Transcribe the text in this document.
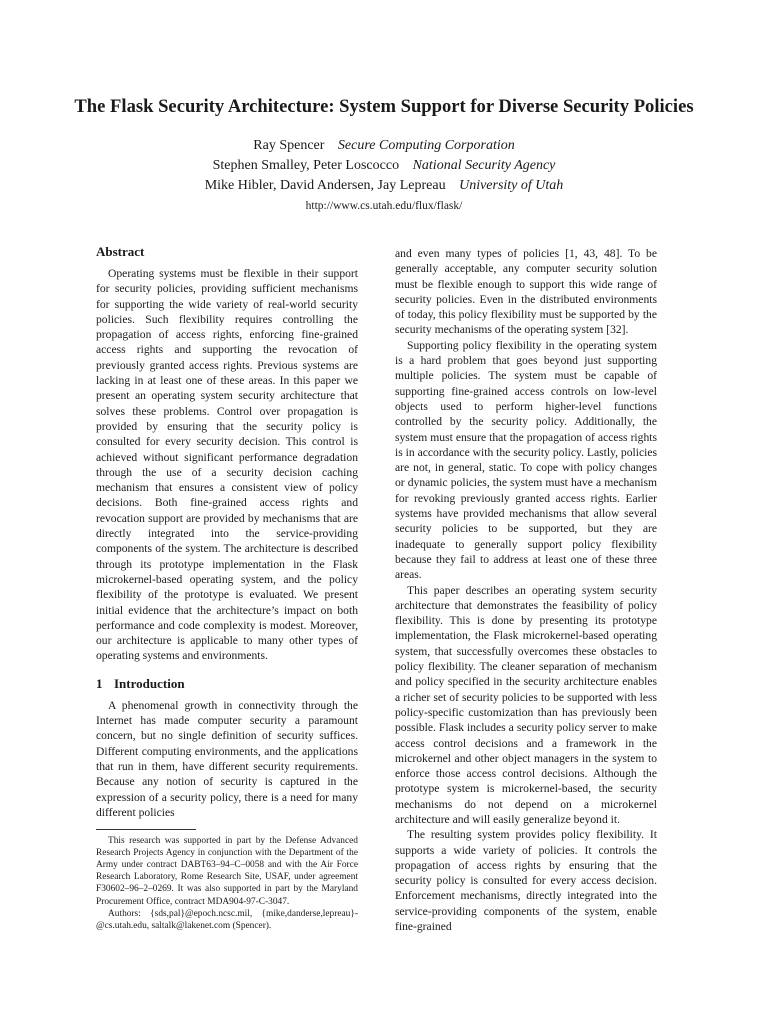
The Flask Security Architecture: System Support for Diverse Security Policies
Ray Spencer Secure Computing Corporation
Stephen Smalley, Peter Loscocco National Security Agency
Mike Hibler, David Andersen, Jay Lepreau University of Utah
http://www.cs.utah.edu/flux/flask/
Abstract

Operating systems must be flexible in their support for security policies, providing sufficient mechanisms for supporting the wide variety of real-world security policies. Such flexibility requires controlling the propagation of access rights, enforcing fine-grained access rights and supporting the revocation of previously granted access rights. Previous systems are lacking in at least one of these areas. In this paper we present an operating system security architecture that solves these problems. Control over propagation is provided by ensuring that the security policy is consulted for every security decision. This control is achieved without significant performance degradation through the use of a security decision caching mechanism that ensures a consistent view of policy decisions. Both fine-grained access rights and revocation support are provided by mechanisms that are directly integrated into the service-providing components of the system. The architecture is described through its prototype implementation in the Flask microkernel-based operating system, and the policy flexibility of the prototype is evaluated. We present initial evidence that the architecture’s impact on both performance and code complexity is modest. Moreover, our architecture is applicable to many other types of operating systems and environments.

1 Introduction

A phenomenal growth in connectivity through the Internet has made computer security a paramount concern, but no single definition of security suffices. Different computing environments, and the applications that run in them, have different security requirements. Because any notion of security is captured in the expression of a security policy, there is a need for many different policies

This research was supported in part by the Defense Advanced Research Projects Agency in conjunction with the Department of the Army under contract DABT63–94–C–0058 and with the Air Force Research Laboratory, Rome Research Site, USAF, under agreement F30602–96–2–0269. It was also supported in part by the Maryland Procurement Office, contract MDA904-97-C-3047.

Authors: {sds,pal}@epoch.ncsc.mil, {mike,danderse,lepreau}-@cs.utah.edu, saltalk@lakenet.com (Spencer).

and even many types of policies [1, 43, 48]. To be generally acceptable, any computer security solution must be flexible enough to support this wide range of security policies. Even in the distributed environments of today, this policy flexibility must be supported by the security mechanisms of the operating system [32].

Supporting policy flexibility in the operating system is a hard problem that goes beyond just supporting multiple policies. The system must be capable of supporting fine-grained access controls on low-level objects used to perform higher-level functions controlled by the security policy. Additionally, the system must ensure that the propagation of access rights is in accordance with the security policy. Lastly, policies are not, in general, static. To cope with policy changes or dynamic policies, the system must have a mechanism for revoking previously granted access rights. Earlier systems have provided mechanisms that allow several security policies to be supported, but they are inadequate to generally support policy flexibility because they fail to address at least one of these three areas.

This paper describes an operating system security architecture that demonstrates the feasibility of policy flexibility. This is done by presenting its prototype implementation, the Flask microkernel-based operating system, that successfully overcomes these obstacles to policy flexibility. The cleaner separation of mechanism and policy specified in the security architecture enables a richer set of security policies to be supported with less policy-specific customization than has previously been possible. Flask includes a security policy server to make access control decisions and a framework in the microkernel and other object managers in the system to enforce those access control decisions. Although the prototype system is microkernel-based, the security mechanisms do not depend on a microkernel architecture and will easily generalize beyond it.

The resulting system provides policy flexibility. It supports a wide variety of policies. It controls the propagation of access rights by ensuring that the security policy is consulted for every access decision. Enforcement mechanisms, directly integrated into the service-providing components of the system, enable fine-grained
